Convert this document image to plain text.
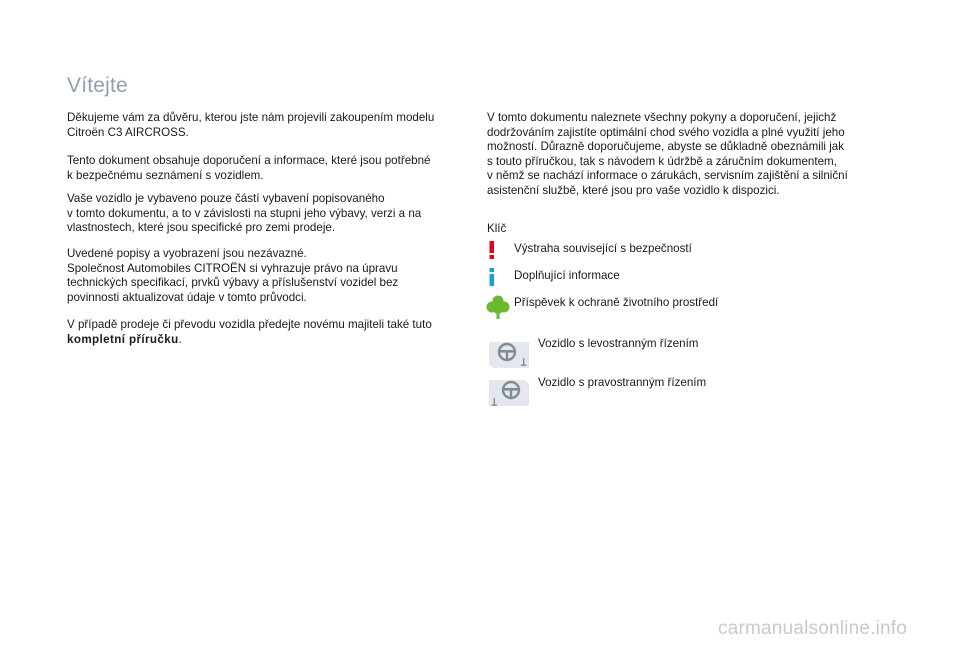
Vítejte

Děkujeme vám za důvěru, kterou jste nám projevili zakoupením modelu
Citroën C3 AIRCROSS.

Tento dokument obsahuje doporučení a informace, které jsou potřebné
k bezpečnému seznámení s vozidlem.

Vaše vozidlo je vybaveno pouze částí vybavení popisovaného
v tomto dokumentu, a to v závislosti na stupni jeho výbavy, verzi a na
vlastnostech, které jsou specifické pro zemi prodeje.

Uvedené popisy a vyobrazení jsou nezávazné.
Společnost Automobiles CITROËN si vyhrazuje právo na úpravu
technických specifikací, prvků výbavy a příslušenství vozidel bez
povinnosti aktualizovat údaje v tomto průvodci.

V případě prodeje či převodu vozidla předejte novému majiteli také tuto kompletní příručku.

V tomto dokumentu naleznete všechny pokyny a doporučení, jejichž
dodržováním zajistíte optimální chod svého vozidla a plné využití jeho
možností. Důrazně doporučujeme, abyste se důkladně obeznámili jak
s touto příručkou, tak s návodem k údržbě a záručním dokumentem,
v němž se nachází informace o zárukách, servisním zajištění a silniční
asistenční službě, které jsou pro vaše vozidlo k dispozici.

Klíč
Výstraha související s bezpečností
Doplňující informace
Příspěvek k ochraně životního prostředí
Vozidlo s levostranným řízením
Vozidlo s pravostranným řízením
carmanualsonline.info
